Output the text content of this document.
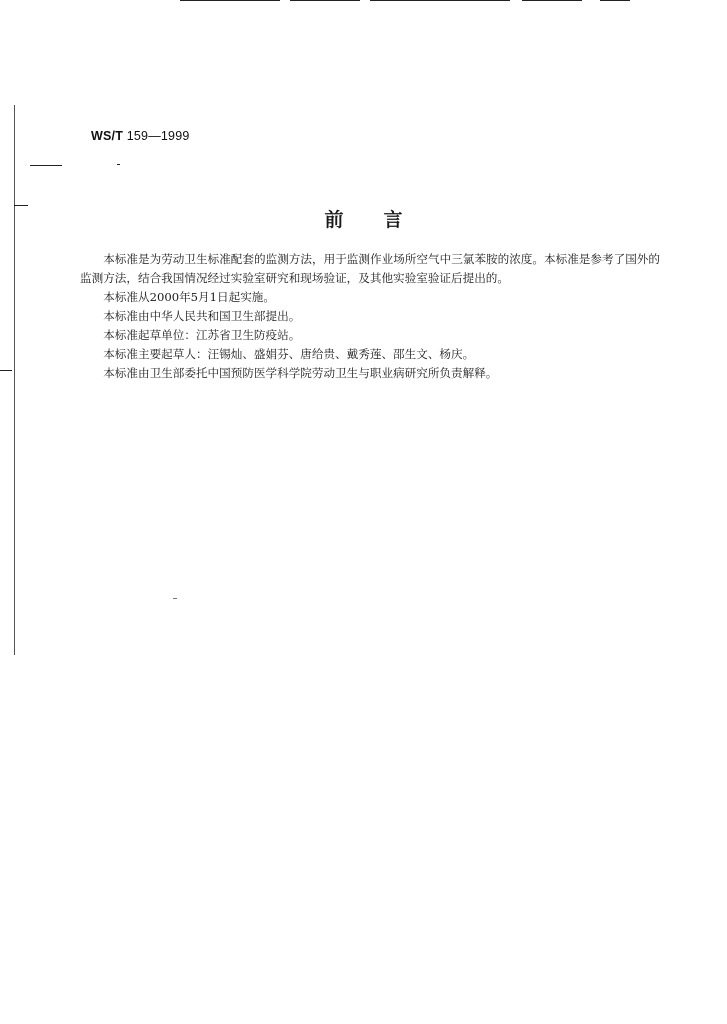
WS/T 159—1999
前言

本标准是为劳动卫生标准配套的监测方法，用于监测作业场所空气中三氯苯胺的浓度。本标准是参考了国外的监测方法，结合我国情况经过实验室研究和现场验证，及其他实验室验证后提出的。

本标准从2000年5月1日起实施。

本标准由中华人民共和国卫生部提出。

本标准起草单位：江苏省卫生防疫站。

本标准主要起草人：汪锡灿、盛娟芬、唐给贵、戴秀莲、邵生文、杨庆。

本标准由卫生部委托中国预防医学科学院劳动卫生与职业病研究所负责解释。
